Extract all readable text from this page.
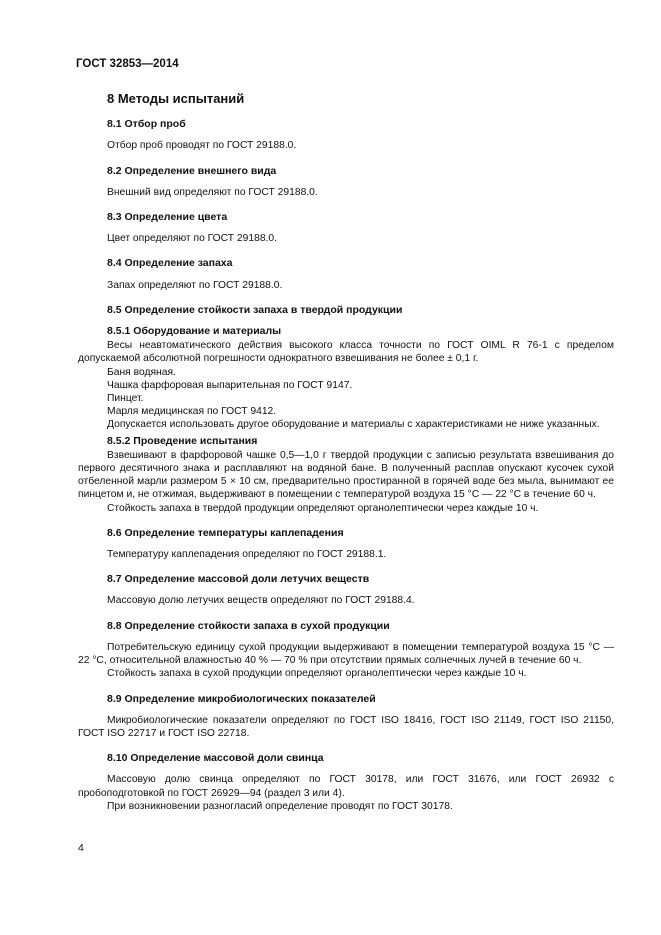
ГОСТ 32853—2014
8 Методы испытаний
8.1 Отбор проб

Отбор проб проводят по ГОСТ 29188.0.

8.2 Определение внешнего вида

Внешний вид определяют по ГОСТ 29188.0.

8.3 Определение цвета

Цвет определяют по ГОСТ 29188.0.

8.4 Определение запаха

Запах определяют по ГОСТ 29188.0.

8.5 Определение стойкости запаха в твердой продукции
8.5.1 Оборудование и материалы

Весы неавтоматического действия высокого класса точности по ГОСТ OIML R 76-1 с пределом допускаемой абсолютной погрешности однократного взвешивания не более ± 0,1 г.

Баня водяная.

Чашка фарфоровая выпарительная по ГОСТ 9147.

Пинцет.

Марля медицинская по ГОСТ 9412.

Допускается использовать другое оборудование и материалы с характеристиками не ниже указанных.

8.5.2 Проведение испытания

Взвешивают в фарфоровой чашке 0,5—1,0 г твердой продукции с записью результата взвешивания до первого десятичного знака и расплавляют на водяной бане. В полученный расплав опускают кусочек сухой отбеленной марли размером 5 × 10 см, предварительно простиранной в горячей воде без мыла, вынимают ее пинцетом и, не отжимая, выдерживают в помещении с температурой воздуха 15 °С — 22 °С в течение 60 ч.

Стойкость запаха в твердой продукции определяют органолептически через каждые 10 ч.

8.6 Определение температуры каплепадения

Температуру каплепадения определяют по ГОСТ 29188.1.

8.7 Определение массовой доли летучих веществ

Массовую долю летучих веществ определяют по ГОСТ 29188.4.

8.8 Определение стойкости запаха в сухой продукции

Потребительскую единицу сухой продукции выдерживают в помещении температурой воздуха 15 °С — 22 °С, относительной влажностью 40 % — 70 % при отсутствии прямых солнечных лучей в течение 60 ч.

Стойкость запаха в сухой продукции определяют органолептически через каждые 10 ч.

8.9 Определение микробиологических показателей

Микробиологические показатели определяют по ГОСТ ISO 18416, ГОСТ ISO 21149, ГОСТ ISO 21150, ГОСТ ISO 22717 и ГОСТ ISO 22718.

8.10 Определение массовой доли свинца

Массовую долю свинца определяют по ГОСТ 30178, или ГОСТ 31676, или ГОСТ 26932 с пробоподготовкой по ГОСТ 26929—94 (раздел 3 или 4).

При возникновении разногласий определение проводят по ГОСТ 30178.

4
